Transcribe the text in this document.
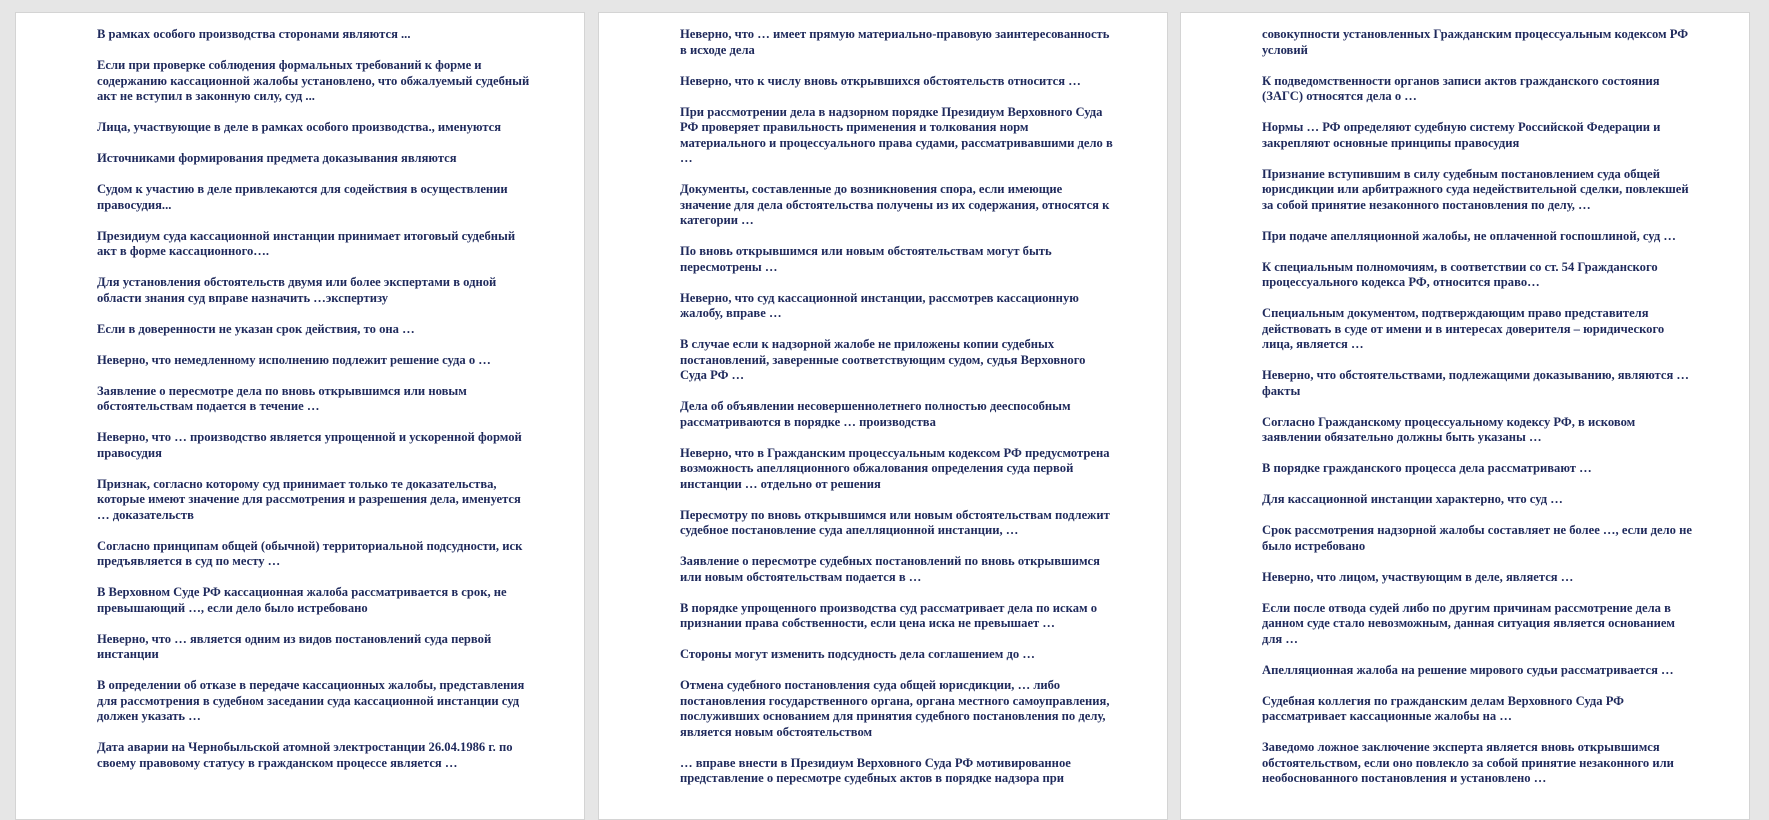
В рамках особого производства сторонами являются ...

Если при проверке соблюдения формальных требований к форме и содержанию кассационной жалобы установлено, что обжалуемый судебный акт не вступил в законную силу, суд ...

Лица, участвующие в деле в рамках особого производства., именуются

Источниками формирования предмета доказывания являются

Судом к участию в деле привлекаются для содействия в осуществлении правосудия...

Президиум суда кассационной инстанции принимает итоговый судебный акт в форме кассационного….

Для установления обстоятельств двумя или более экспертами в одной области знания суд вправе назначить …экспертизу

Если в доверенности не указан срок действия, то она …

Неверно, что немедленному исполнению подлежит решение суда о …

Заявление о пересмотре дела по вновь открывшимся или новым обстоятельствам подается в течение …

Неверно, что … производство является упрощенной и ускоренной формой правосудия

Признак, согласно которому суд принимает только те доказательства, которые имеют значение для рассмотрения и разрешения дела, именуется … доказательств

Согласно принципам общей (обычной) территориальной подсудности, иск предъявляется в суд по месту …

В Верховном Суде РФ кассационная жалоба рассматривается в срок, не превышающий …, если дело было истребовано

Неверно, что … является одним из видов постановлений суда первой инстанции

В определении об отказе в передаче кассационных жалобы, представления для рассмотрения в судебном заседании суда кассационной инстанции суд должен указать …

Дата аварии на Чернобыльской атомной электростанции 26.04.1986 г. по своему правовому статусу в гражданском процессе является …

Неверно, что … имеет прямую материально-правовую заинтересованность в исходе дела

Неверно, что к числу вновь открывшихся обстоятельств относится …

При рассмотрении дела в надзорном порядке Президиум Верховного Суда РФ проверяет правильность применения и толкования норм материального и процессуального права судами, рассматривавшими дело в …

Документы, составленные до возникновения спора, если имеющие значение для дела обстоятельства получены из их содержания, относятся к категории …

По вновь открывшимся или новым обстоятельствам могут быть пересмотрены …

Неверно, что суд кассационной инстанции, рассмотрев кассационную жалобу, вправе …

В случае если к надзорной жалобе не приложены копии судебных постановлений, заверенные соответствующим судом, судья Верховного Суда РФ …

Дела об объявлении несовершеннолетнего полностью дееспособным рассматриваются в порядке … производства

Неверно, что в Гражданским процессуальным кодексом РФ предусмотрена возможность апелляционного обжалования определения суда первой инстанции … отдельно от решения

Пересмотру по вновь открывшимся или новым обстоятельствам подлежит судебное постановление суда апелляционной инстанции, …

Заявление о пересмотре судебных постановлений по вновь открывшимся или новым обстоятельствам подается в …

В порядке упрощенного производства суд рассматривает дела по искам о признании права собственности, если цена иска не превышает …

Стороны могут изменить подсудность дела соглашением до …

Отмена судебного постановления суда общей юрисдикции, … либо постановления государственного органа, органа местного самоуправления, послуживших основанием для принятия судебного постановления по делу, является новым обстоятельством

… вправе внести в Президиум Верховного Суда РФ мотивированное представление о пересмотре судебных актов в порядке надзора при

совокупности установленных Гражданским процессуальным кодексом РФ условий

К подведомственности органов записи актов гражданского состояния (ЗАГС) относятся дела о …

Нормы … РФ определяют судебную систему Российской Федерации и закрепляют основные принципы правосудия

Признание вступившим в силу судебным постановлением суда общей юрисдикции или арбитражного суда недействительной сделки, повлекшей за собой принятие незаконного постановления по делу, …

При подаче апелляционной жалобы, не оплаченной госпошлиной, суд …

К специальным полномочиям, в соответствии со ст. 54 Гражданского процессуального кодекса РФ, относится право…

Специальным документом, подтверждающим право представителя действовать в суде от имени и в интересах доверителя – юридического лица, является …

Неверно, что обстоятельствами, подлежащими доказыванию, являются … факты

Согласно Гражданскому процессуальному кодексу РФ, в исковом заявлении обязательно должны быть указаны …

В порядке гражданского процесса дела рассматривают …

Для кассационной инстанции характерно, что суд …

Срок рассмотрения надзорной жалобы составляет не более …, если дело не было истребовано

Неверно, что лицом, участвующим в деле, является …

Если после отвода судей либо по другим причинам рассмотрение дела в данном суде стало невозможным, данная ситуация является основанием для …

Апелляционная жалоба на решение мирового судьи рассматривается …

Судебная коллегия по гражданским делам Верховного Суда РФ рассматривает кассационные жалобы на …

Заведомо ложное заключение эксперта является вновь открывшимся обстоятельством, если оно повлекло за собой принятие незаконного или необоснованного постановления и установлено …
